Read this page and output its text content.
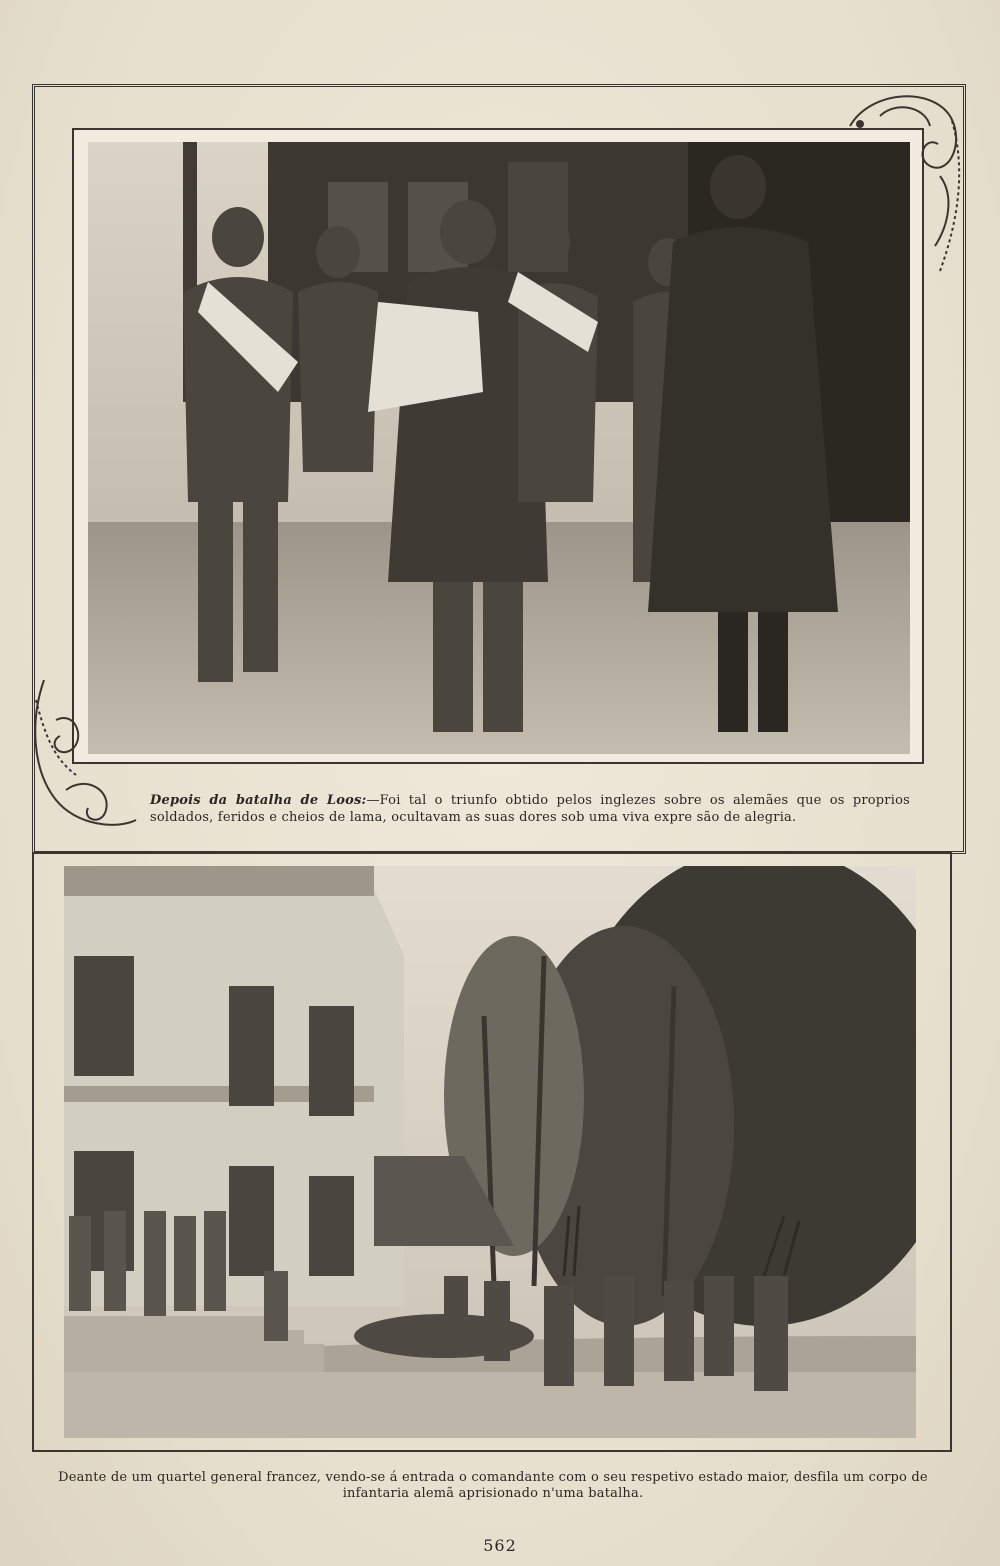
Depois da batalha de Loos:—Foi tal o triunfo obtido pelos inglezes sobre os alemães que os proprios soldados, feridos e cheios de lama, ocultavam as suas dores sob uma viva expre são de alegria.
Deante de um quartel general francez, vendo-se á entrada o comandante com o seu respetivo estado maior, desfila um corpo de infantaria alemã aprisionado n'uma batalha.
562
